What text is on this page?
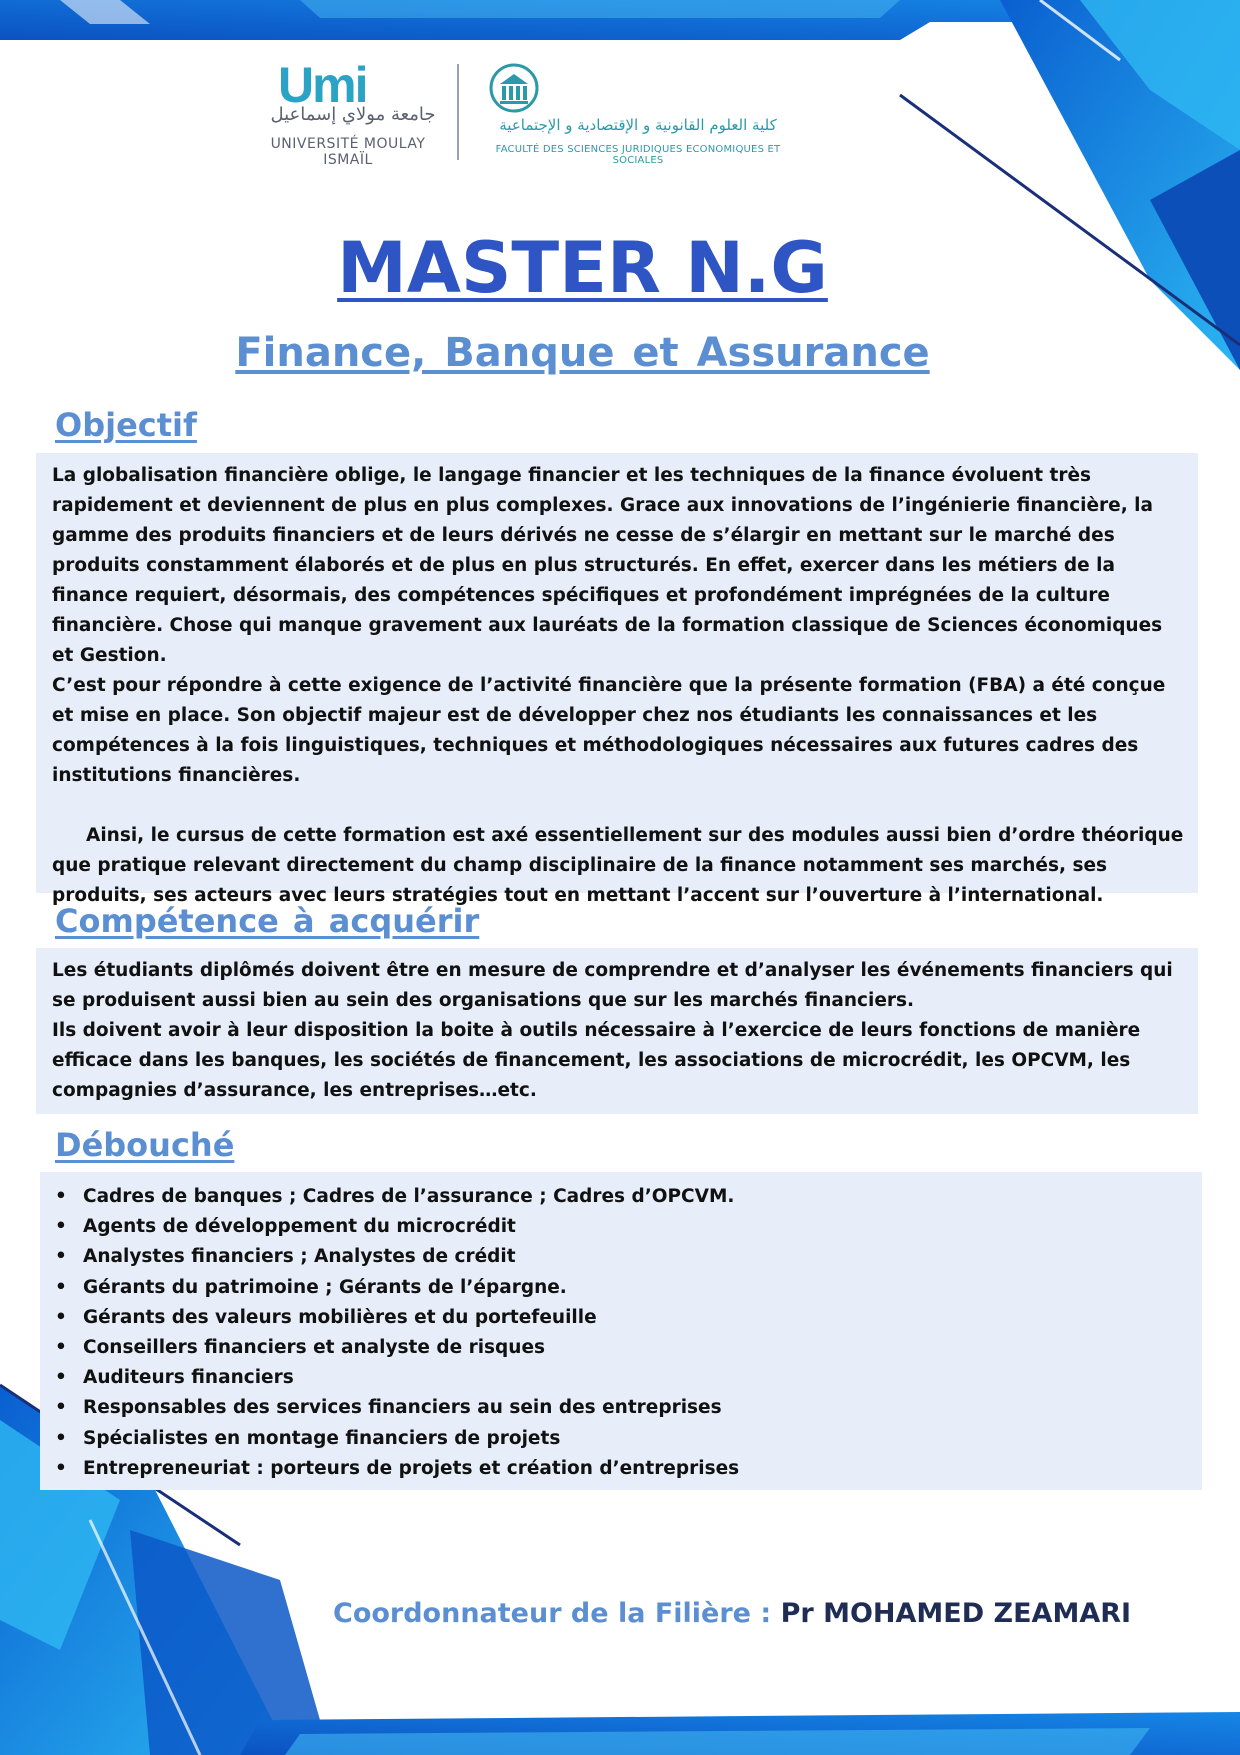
Umi
جامعة مولاي إسماعيل
UNIVERSITÉ MOULAY ISMAÏL
كلية العلوم القانونية و الإقتصادية و الإجتماعية
FACULTÉ DES SCIENCES JURIDIQUES ECONOMIQUES ET SOCIALES
MASTER N.G
Finance, Banque et Assurance
Objectif

La globalisation financière oblige, le langage financier et les techniques de la finance évoluent très rapidement et deviennent de plus en plus complexes. Grace aux innovations de l’ingénierie financière, la gamme des produits financiers et de leurs dérivés ne cesse de s’élargir en mettant sur le marché des produits constamment élaborés et de plus en plus structurés. En effet, exercer dans les métiers de la finance requiert, désormais, des compétences spécifiques et profondément imprégnées de la culture financière. Chose qui manque gravement aux lauréats de la formation classique de Sciences économiques et Gestion.

C’est pour répondre à cette exigence de l’activité financière que la présente formation (FBA) a été conçue et mise en place. Son objectif majeur est de développer chez nos étudiants les connaissances et les compétences à la fois linguistiques, techniques et méthodologiques nécessaires aux futures cadres des institutions financières.

Ainsi, le cursus de cette formation est axé essentiellement sur des modules aussi bien d’ordre théorique que pratique relevant directement du champ disciplinaire de la finance notamment ses marchés, ses produits, ses acteurs avec leurs stratégies tout en mettant l’accent sur l’ouverture à l’international.

Compétence à acquérir

Les étudiants diplômés doivent être en mesure de comprendre et d’analyser les événements financiers qui se produisent aussi bien au sein des organisations que sur les marchés financiers.

Ils doivent avoir à leur disposition la boite à outils nécessaire à l’exercice de leurs fonctions de manière efficace dans les banques, les sociétés de financement, les associations de microcrédit, les OPCVM, les compagnies d’assurance, les entreprises…etc.

Débouché
• Cadres de banques ; Cadres de l’assurance ; Cadres d’OPCVM.
• Agents de développement du microcrédit
• Analystes financiers ; Analystes de crédit
• Gérants du patrimoine ; Gérants de l’épargne.
• Gérants des valeurs mobilières et du portefeuille
• Conseillers financiers et analyste de risques
• Auditeurs financiers
• Responsables des services financiers au sein des entreprises
• Spécialistes en montage financiers de projets
• Entrepreneuriat : porteurs de projets et création d’entreprises
Coordonnateur de la Filière : Pr MOHAMED ZEAMARI
